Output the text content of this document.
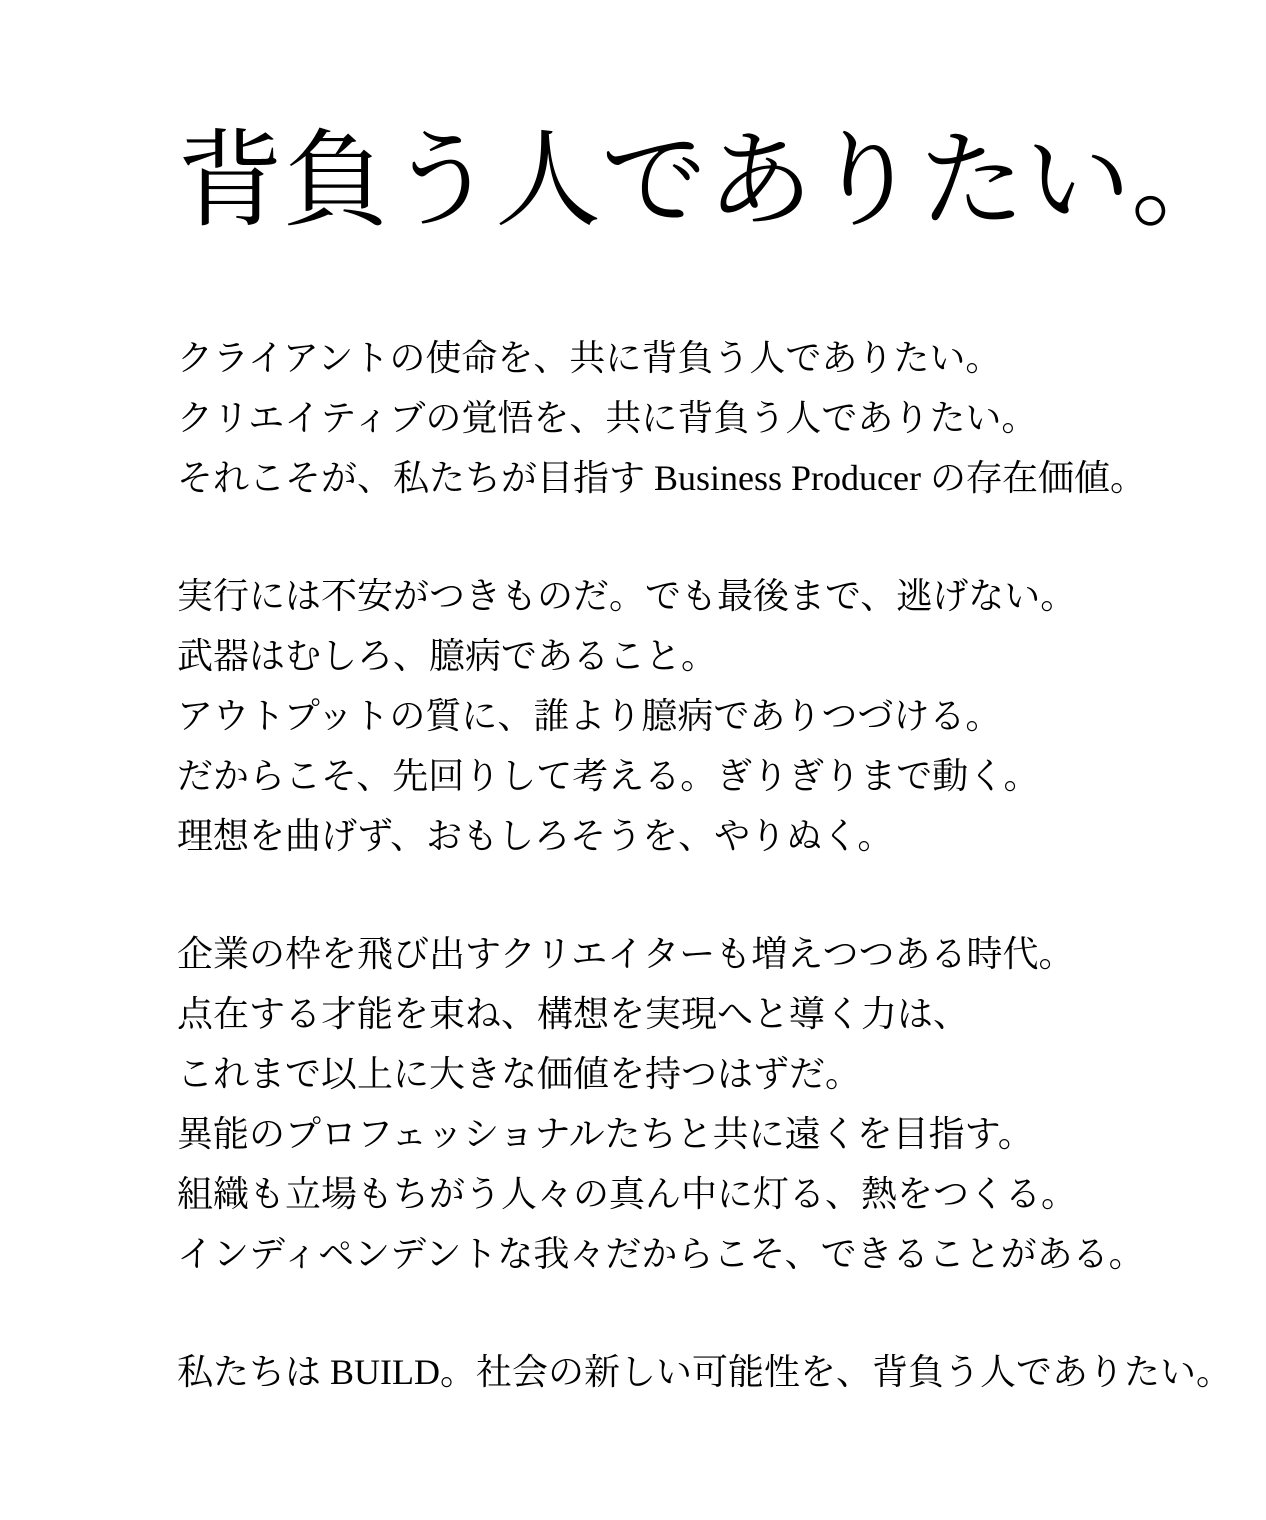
背負う人でありたい。
クライアントの使命を、共に背負う人でありたい。
クリエイティブの覚悟を、共に背負う人でありたい。
それこそが、私たちが目指す Business Producer の存在価値。
実行には不安がつきものだ。でも最後まで、逃げない。
武器はむしろ、臆病であること。
アウトプットの質に、誰より臆病でありつづける。
だからこそ、先回りして考える。ぎりぎりまで動く。
理想を曲げず、おもしろそうを、やりぬく。
企業の枠を飛び出すクリエイターも増えつつある時代。
点在する才能を束ね、構想を実現へと導く力は、
これまで以上に大きな価値を持つはずだ。
異能のプロフェッショナルたちと共に遠くを目指す。
組織も立場もちがう人々の真ん中に灯る、熱をつくる。
インディペンデントな我々だからこそ、できることがある。
私たちは BUILD。社会の新しい可能性を、背負う人でありたい。
